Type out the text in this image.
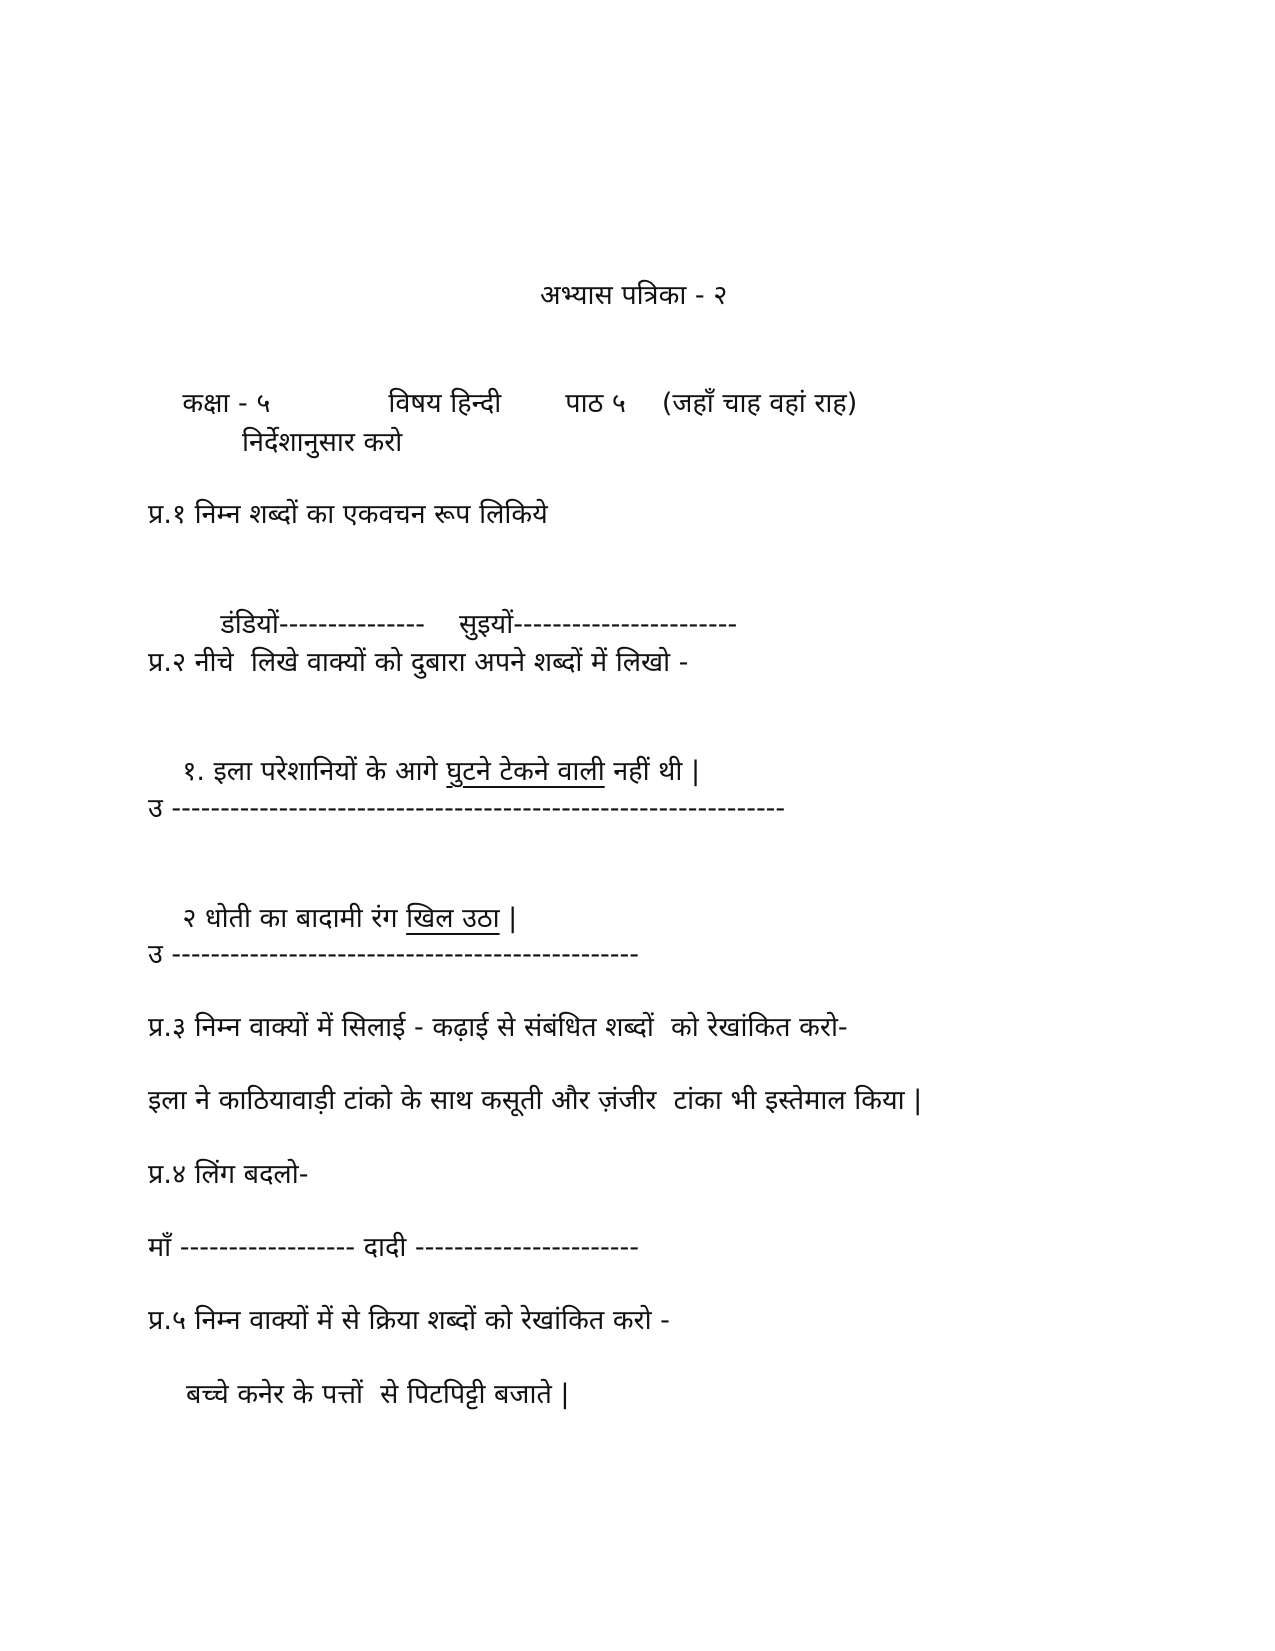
अभ्यास पत्रिका - २

कक्षा - ५	विषय हिन्दी पाठ ५ (जहाँ चाह वहां राह)

निर्देशानुसार करो
प्र.१ निम्न शब्दों का एकवचन रूप लिकिये

डंडियों--------------- सुइयों-----------------------

प्र.२ नीचे  लिखे वाक्यों को दुबारा अपने शब्दों में लिखो -

१. इला परेशानियों के आगे घुटने टेकने वाली नहीं थी |

उ ---------------------------------------------------------------

२ धोती का बादामी रंग खिल उठा |

उ ------------------------------------------------
प्र.३ निम्न वाक्यों में सिलाई - कढ़ाई से संबंधित शब्दों  को रेखांकित करो-
इला ने काठियावाड़ी टांको के साथ कसूती और ज़ंजीर  टांका भी इस्तेमाल किया |
प्र.४ लिंग बदलो-
माँ ------------------ दादी -----------------------
प्र.५ निम्न वाक्यों में से क्रिया शब्दों को रेखांकित करो -
बच्चे कनेर के पत्तों  से पिटपिट्टी बजाते |
